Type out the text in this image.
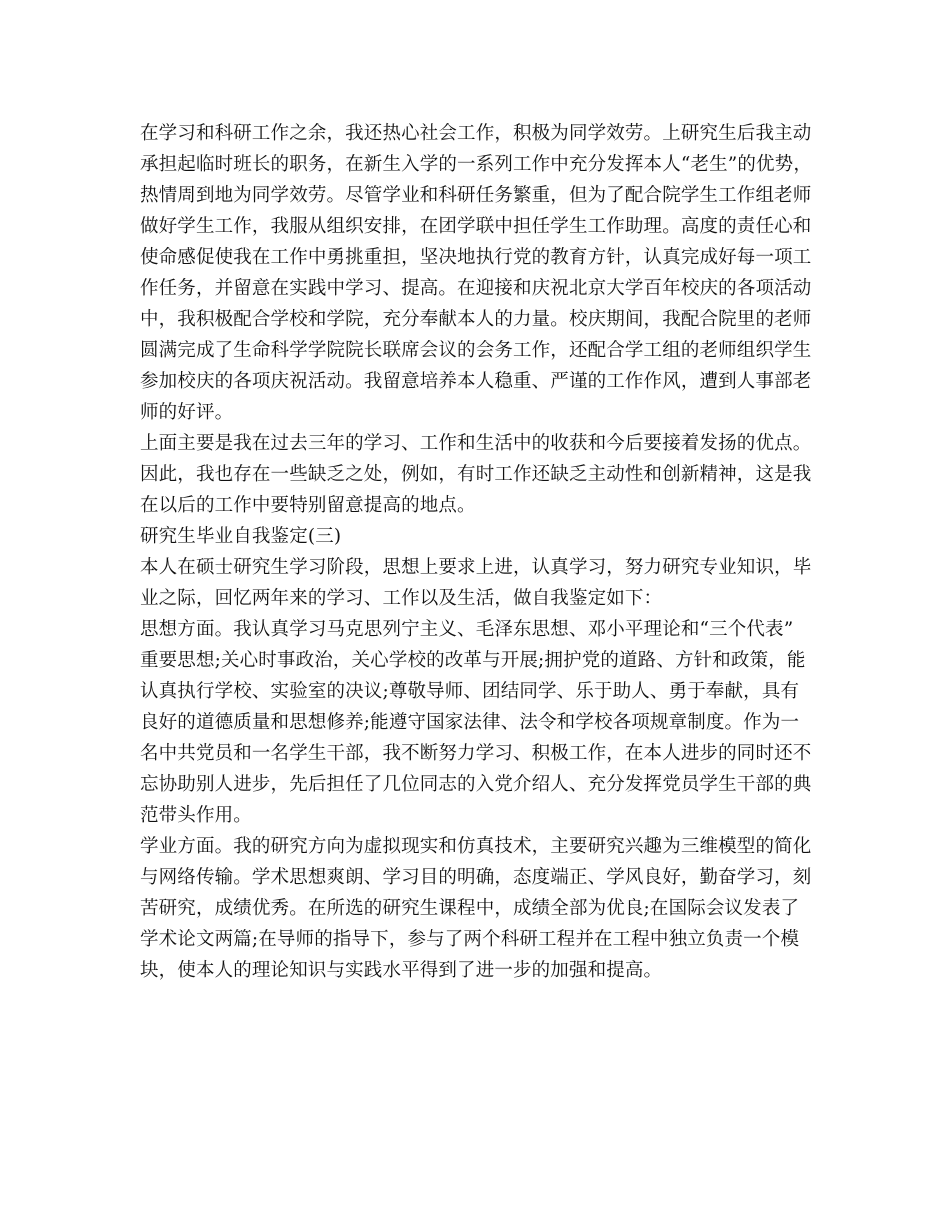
在学习和科研工作之余，我还热心社会工作，积极为同学效劳。上研究生后我主动
承担起临时班长的职务，在新生入学的一系列工作中充分发挥本人“老生”的优势，
热情周到地为同学效劳。尽管学业和科研任务繁重，但为了配合院学生工作组老师
做好学生工作，我服从组织安排，在团学联中担任学生工作助理。高度的责任心和
使命感促使我在工作中勇挑重担，坚决地执行党的教育方针，认真完成好每一项工
作任务，并留意在实践中学习、提高。在迎接和庆祝北京大学百年校庆的各项活动
中，我积极配合学校和学院，充分奉献本人的力量。校庆期间，我配合院里的老师
圆满完成了生命科学学院院长联席会议的会务工作，还配合学工组的老师组织学生
参加校庆的各项庆祝活动。我留意培养本人稳重、严谨的工作作风，遭到人事部老
师的好评。
上面主要是我在过去三年的学习、工作和生活中的收获和今后要接着发扬的优点。
因此，我也存在一些缺乏之处，例如，有时工作还缺乏主动性和创新精神，这是我
在以后的工作中要特别留意提高的地点。
研究生毕业自我鉴定(三)
本人在硕士研究生学习阶段，思想上要求上进，认真学习，努力研究专业知识，毕
业之际，回忆两年来的学习、工作以及生活，做自我鉴定如下：
思想方面。我认真学习马克思列宁主义、毛泽东思想、邓小平理论和“三个代表”
重要思想;关心时事政治，关心学校的改革与开展;拥护党的道路、方针和政策，能
认真执行学校、实验室的决议;尊敬导师、团结同学、乐于助人、勇于奉献，具有
良好的道德质量和思想修养;能遵守国家法律、法令和学校各项规章制度。作为一
名中共党员和一名学生干部，我不断努力学习、积极工作，在本人进步的同时还不
忘协助别人进步，先后担任了几位同志的入党介绍人、充分发挥党员学生干部的典
范带头作用。
学业方面。我的研究方向为虚拟现实和仿真技术，主要研究兴趣为三维模型的简化
与网络传输。学术思想爽朗、学习目的明确，态度端正、学风良好，勤奋学习，刻
苦研究，成绩优秀。在所选的研究生课程中，成绩全部为优良;在国际会议发表了
学术论文两篇;在导师的指导下，参与了两个科研工程并在工程中独立负责一个模
块，使本人的理论知识与实践水平得到了进一步的加强和提高。
